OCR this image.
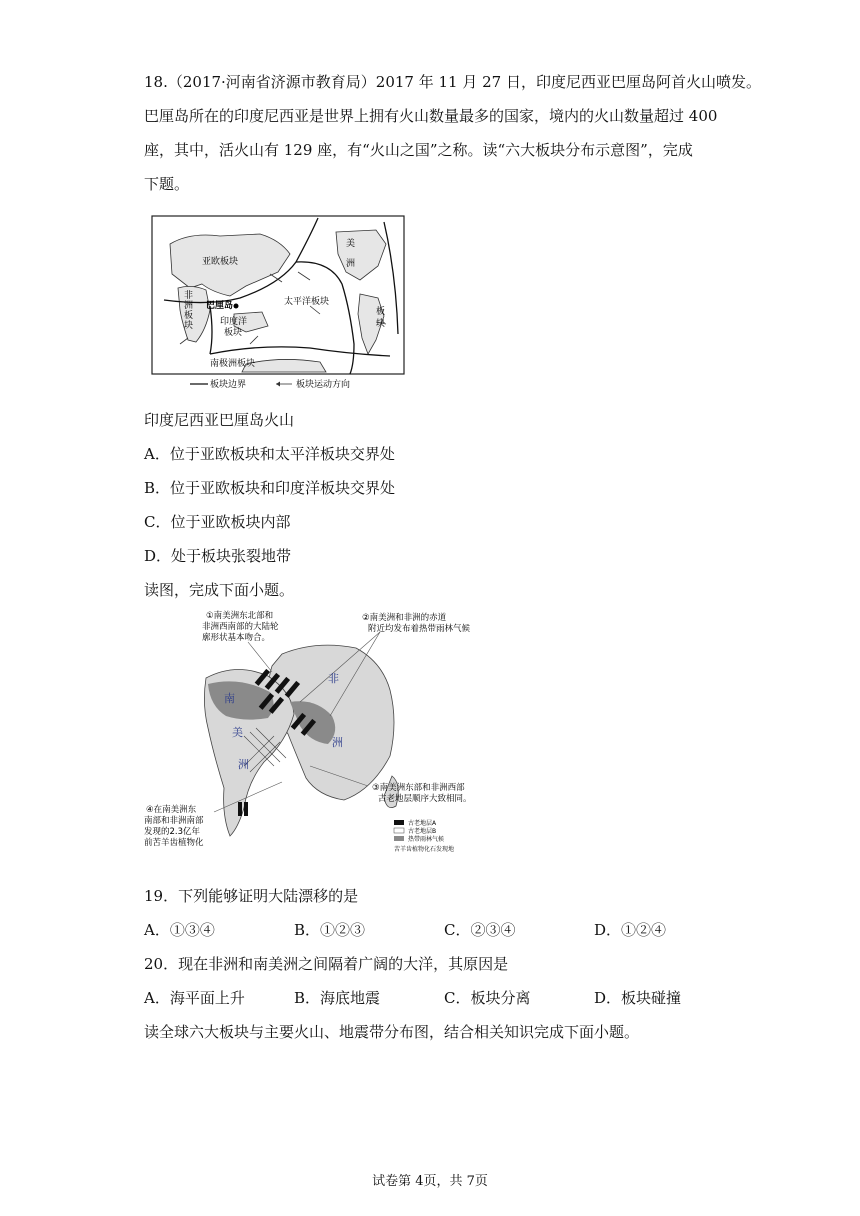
18.（2017·河南省济源市教育局）2017 年 11 月 27 日，印度尼西亚巴厘岛阿首火山喷发。
巴厘岛所在的印度尼西亚是世界上拥有火山数量最多的国家，境内的火山数量超过 400
座，其中，活火山有 129 座，有“火山之国”之称。读“六大板块分布示意图”，完成
下题。
亚欧板块
美
洲
非
洲
板
块
巴厘岛	太平洋板块
印度洋
板块
板
块
南极洲板块
板块边界	板块运动方向
印度尼西亚巴厘岛火山
A．位于亚欧板块和太平洋板块交界处
B．位于亚欧板块和印度洋板块交界处
C．位于亚欧板块内部
D．处于板块张裂地带
读图，完成下面小题。
①南美洲东北部和
非洲西南部的大陆轮
廓形状基本吻合。
②南美洲和非洲的赤道
附近均发布着热带雨林气候
③南美洲东部和非洲西部
古老地层顺序大致相同。
④在南美洲东
南部和非洲南部
发现的2.3亿年
前苦羊齿植物化
南
美
洲
非
洲
古老地层A
古老地层B
热带雨林气候
苦羊齿植物化石发现地
19．下列能够证明大陆漂移的是
A．①③④	B．①②③	C．②③④	D．①②④
20．现在非洲和南美洲之间隔着广阔的大洋，其原因是
A．海平面上升	B．海底地震	C．板块分离	D．板块碰撞
读全球六大板块与主要火山、地震带分布图，结合相关知识完成下面小题。
试卷第 4页，共 7页
